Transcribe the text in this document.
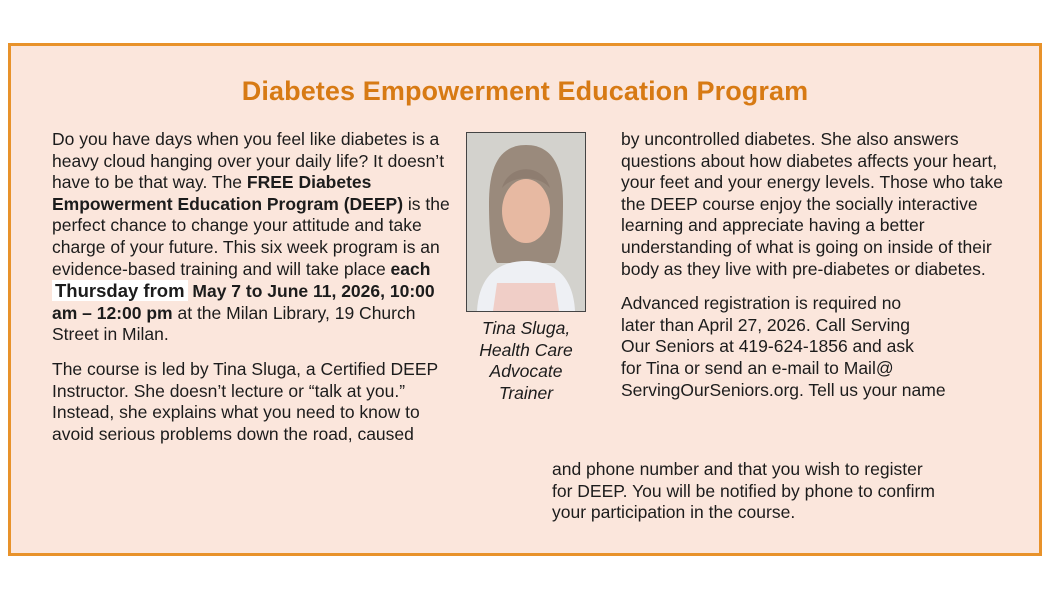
Diabetes Empowerment Education Program

Do you have days when you feel like diabetes is a heavy cloud hanging over your daily life? It doesn’t have to be that way. The FREE Diabetes Empowerment Education Program (DEEP) is the perfect chance to change your attitude and take charge of your future. This six week program is an evidence-based training and will take place each Thursday from May 7 to June 11, 2026, 10:00 am – 12:00 pm at the Milan Library, 19 Church Street in Milan.

The course is led by Tina Sluga, a Certified DEEP Instructor. She doesn’t lecture or “talk at you.” Instead, she explains what you need to know to avoid serious problems down the road, caused

Tina Sluga,
Health Care
Advocate
Trainer

by uncontrolled diabetes. She also answers questions about how diabetes affects your heart, your feet and your energy levels. Those who take the DEEP course enjoy the socially interactive learning and appreciate having a better understanding of what is going on inside of their body as they live with pre-diabetes or diabetes.

Advanced registration is required no
later than April 27, 2026. Call Serving
Our Seniors at 419-624-1856 and ask
for Tina or send an e-mail to Mail@
ServingOurSeniors.org. Tell us your name

and phone number and that you wish to register
for DEEP. You will be notified by phone to confirm
your participation in the course.
